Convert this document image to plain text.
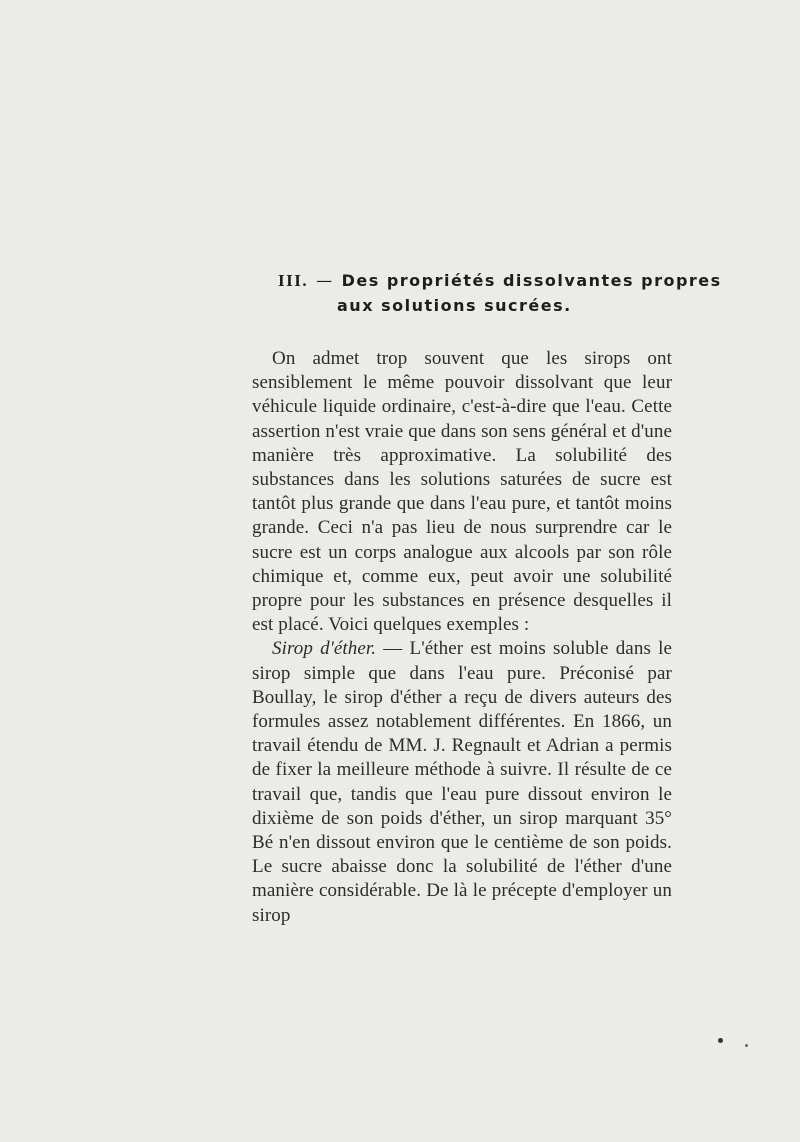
III. — Des propriétés dissolvantes propres
aux solutions sucrées.

On admet trop souvent que les sirops ont sensiblement le même pouvoir dissolvant que leur véhicule liquide ordinaire, c'est-à-dire que l'eau. Cette assertion n'est vraie que dans son sens général et d'une manière très approximative. La solubilité des substances dans les solutions saturées de sucre est tantôt plus grande que dans l'eau pure, et tantôt moins grande. Ceci n'a pas lieu de nous surprendre car le sucre est un corps analogue aux alcools par son rôle chimique et, comme eux, peut avoir une solubilité propre pour les substances en présence desquelles il est placé. Voici quelques exemples :

Sirop d'éther. — L'éther est moins soluble dans le sirop simple que dans l'eau pure. Préconisé par Boullay, le sirop d'éther a reçu de divers auteurs des formules assez notablement différentes. En 1866, un travail étendu de MM. J. Regnault et Adrian a permis de fixer la meilleure méthode à suivre. Il résulte de ce travail que, tandis que l'eau pure dissout environ le dixième de son poids d'éther, un sirop marquant 35° Bé n'en dissout environ que le centième de son poids. Le sucre abaisse donc la solubilité de l'éther d'une manière considérable. De là le précepte d'employer un sirop
